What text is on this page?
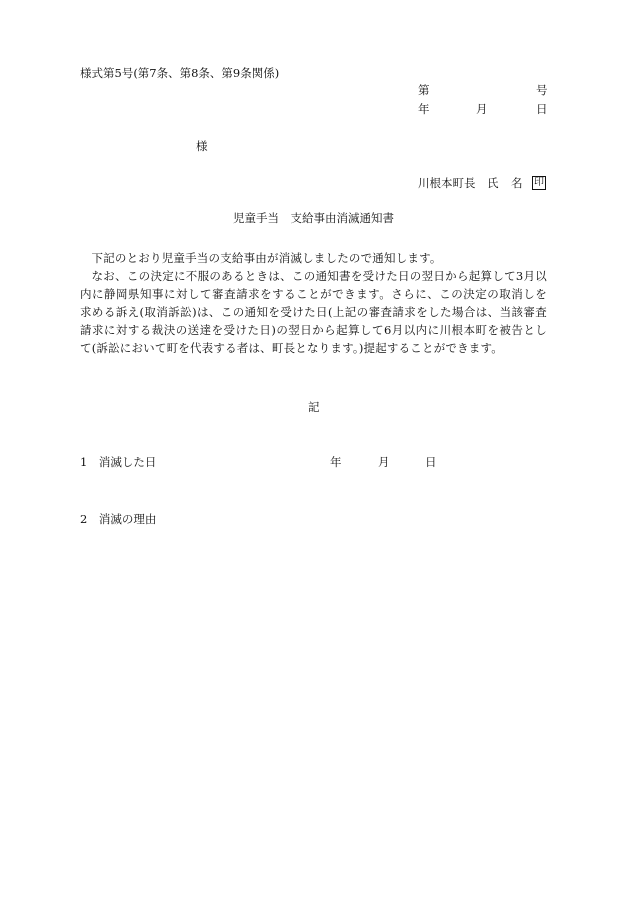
様式第5号(第7条、第8条、第9条関係)
第	号
年	月	日
様
川根本町長 氏 名 印
児童手当　支給事由消滅通知書

下記のとおり児童手当の支給事由が消滅しましたので通知します。

なお、この決定に不服のあるときは、この通知書を受けた日の翌日から起算して3月以内に静岡県知事に対して審査請求をすることができます。さらに、この決定の取消しを求める訴え(取消訴訟)は、この通知を受けた日(上記の審査請求をした場合は、当該審査請求に対する裁決の送達を受けた日)の翌日から起算して6月以内に川根本町を被告として(訴訟において町を代表する者は、町長となります。)提起することができます。

記
1　消滅した日	年	月	日
2　消滅の理由
